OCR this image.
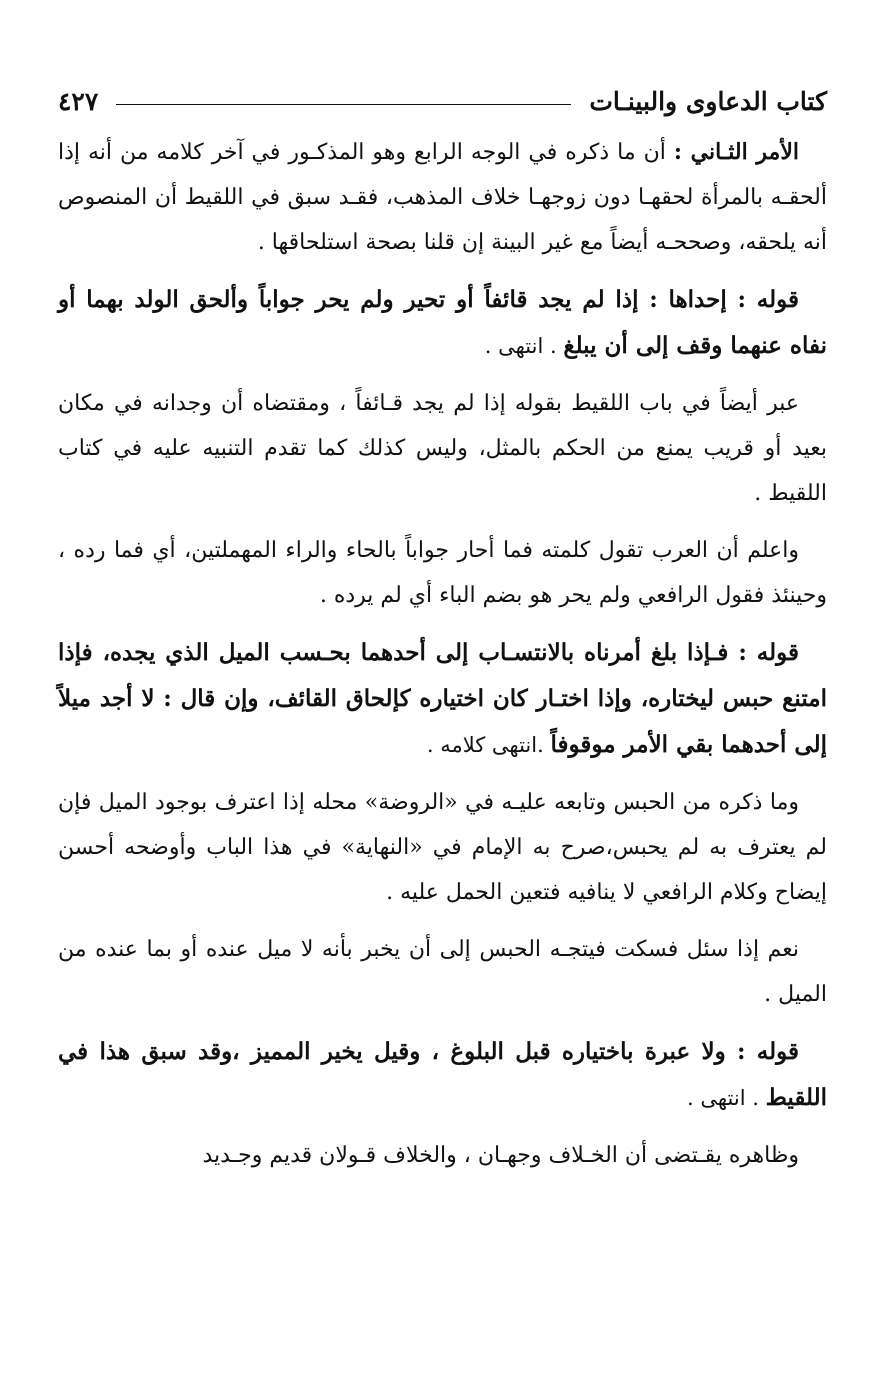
كتاب الدعاوى والبينـات
٤٢٧

الأمر الثـاني : أن ما ذكره في الوجه الرابع وهو المذكـور في آخر كلامه من أنه إذا ألحقـه بالمرأة لحقهـا دون زوجهـا خلاف المذهب، فقـد سبق في اللقيط أن المنصوص أنه يلحقه، وصححـه أيضاً مع غير البينة إن قلنا بصحة استلحاقها .

قوله : إحداها : إذا لم يجد قائفاً أو تحير ولم يحر جواباً وألحق الولد بهما أو نفاه عنهما وقف إلى أن يبلغ . انتهى .

عبر أيضاً في باب اللقيط بقوله إذا لم يجد قـائفاً ، ومقتضاه أن وجدانه في مكان بعيد أو قريب يمنع من الحكم بالمثل، وليس كذلك كما تقدم التنبيه عليه في كتاب اللقيط .

واعلم أن العرب تقول كلمته فما أحار جواباً بالحاء والراء المهملتين، أي فما رده ، وحينئذ فقول الرافعي ولم يحر هو بضم الباء أي لم يرده .

قوله : فـإذا بلغ أمرناه بالانتسـاب إلى أحدهما بحـسب الميل الذي يجده، فإذا امتنع حبس ليختاره، وإذا اختـار كان اختياره كإلحاق القائف، وإن قال : لا أجد ميلاً إلى أحدهما بقي الأمر موقوفاً .انتهى كلامه .

وما ذكره من الحبس وتابعه عليـه في «الروضة» محله إذا اعترف بوجود الميل فإن لم يعترف به لم يحبس،صرح به الإمام في «النهاية» في هذا الباب وأوضحه أحسن إيضاح وكلام الرافعي لا ينافيه فتعين الحمل عليه .

نعم إذا سئل فسكت فيتجـه الحبس إلى أن يخبر بأنه لا ميل عنده أو بما عنده من الميل .

قوله : ولا عبرة باختياره قبل البلوغ ، وقيل يخير المميز ،وقد سبق هذا في اللقيط . انتهى .

وظاهره يقـتضى أن الخـلاف وجهـان ، والخلاف قـولان قديم وجـديد
